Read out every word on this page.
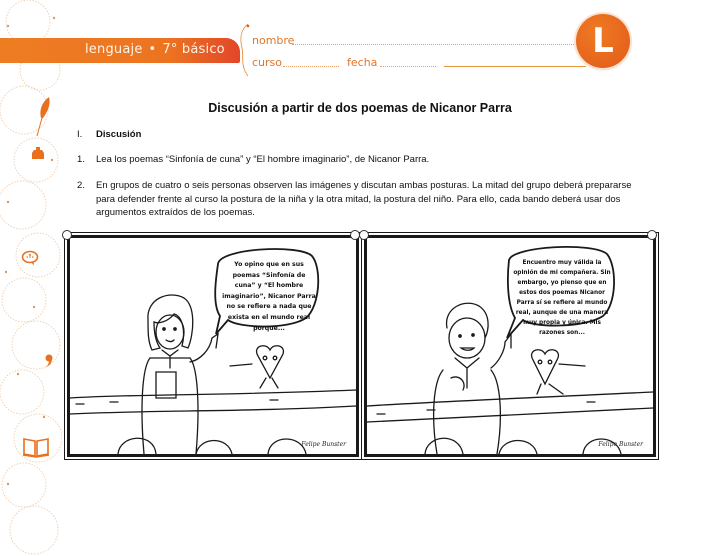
lenguaje • 7° básico
nombre
curso	fecha
L
Discusión a partir de dos poemas de Nicanor Parra
I. Discusión
1. Lea los poemas “Sinfonía de cuna” y “El hombre imaginario”, de Nicanor Parra.
2. En grupos de cuatro o seis personas observen las imágenes y discutan ambas posturas. La mitad del grupo deberá prepararse para defender frente al curso la postura de la niña y la otra mitad, la postura del niño. Para ello, cada bando deberá usar dos argumentos extraídos de los poemas.
Yo opino que en sus poemas “Sinfonía de cuna” y “El hombre imaginario”, Nicanor Parra no se refiere a nada que exista en el mundo real porque...
Felipe Bunster
Encuentro muy válida la opinión de mi compañera. Sin embargo, yo pienso que en estos dos poemas Nicanor Parra sí se refiere al mundo real, aunque de una manera muy propia y única. Mis razones son...
Felipe Bunster
